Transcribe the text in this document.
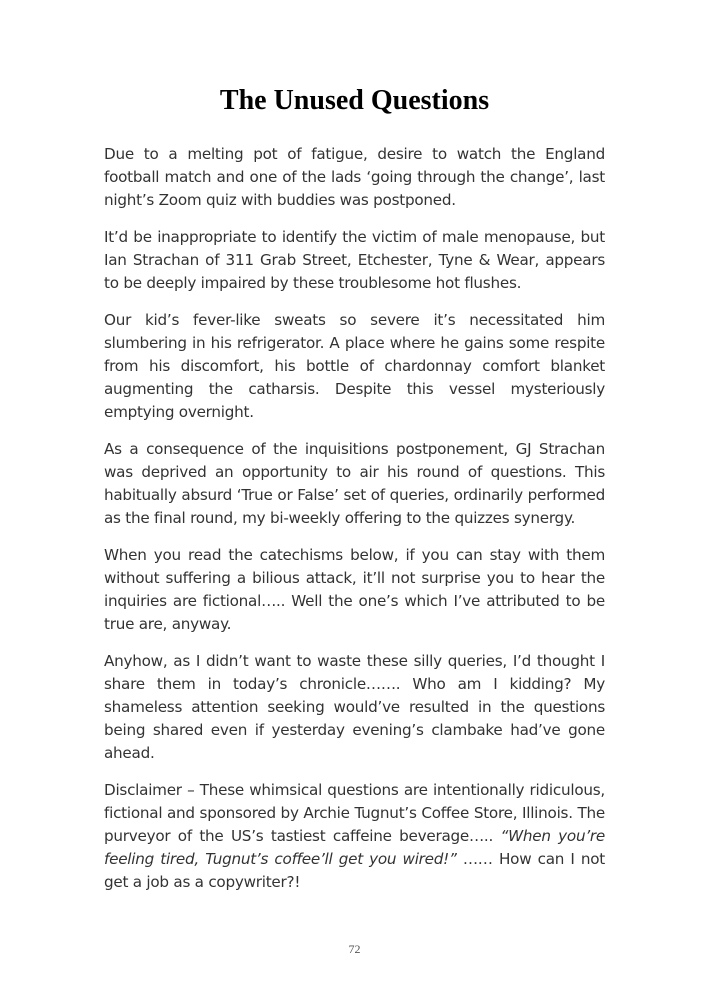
The Unused Questions

Due to a melting pot of fatigue, desire to watch the England football match and one of the lads ‘going through the change’, last night’s Zoom quiz with buddies was postponed.

It’d be inappropriate to identify the victim of male menopause, but Ian Strachan of 311 Grab Street, Etchester, Tyne & Wear, appears to be deeply impaired by these troublesome hot flushes.

Our kid’s fever-like sweats so severe it’s necessitated him slumbering in his refrigerator. A place where he gains some respite from his discomfort, his bottle of chardonnay comfort blanket augmenting the catharsis. Despite this vessel mysteriously emptying overnight.

As a consequence of the inquisitions postponement, GJ Strachan was deprived an opportunity to air his round of questions. This habitually absurd ‘True or False’ set of queries, ordinarily performed as the final round, my bi-weekly offering to the quizzes synergy.

When you read the catechisms below, if you can stay with them without suffering a bilious attack, it’ll not surprise you to hear the inquiries are fictional….. Well the one’s which I’ve attributed to be true are, anyway.

Anyhow, as I didn’t want to waste these silly queries, I’d thought I share them in today’s chronicle……. Who am I kidding? My shameless attention seeking would’ve resulted in the questions being shared even if yesterday evening’s clambake had’ve gone ahead.

Disclaimer – These whimsical questions are intentionally ridiculous, fictional and sponsored by Archie Tugnut’s Coffee Store, Illinois. The purveyor of the US’s tastiest caffeine beverage….. “When you’re feeling tired, Tugnut’s coffee’ll get you wired!” …… How can I not get a job as a copywriter?!

72
